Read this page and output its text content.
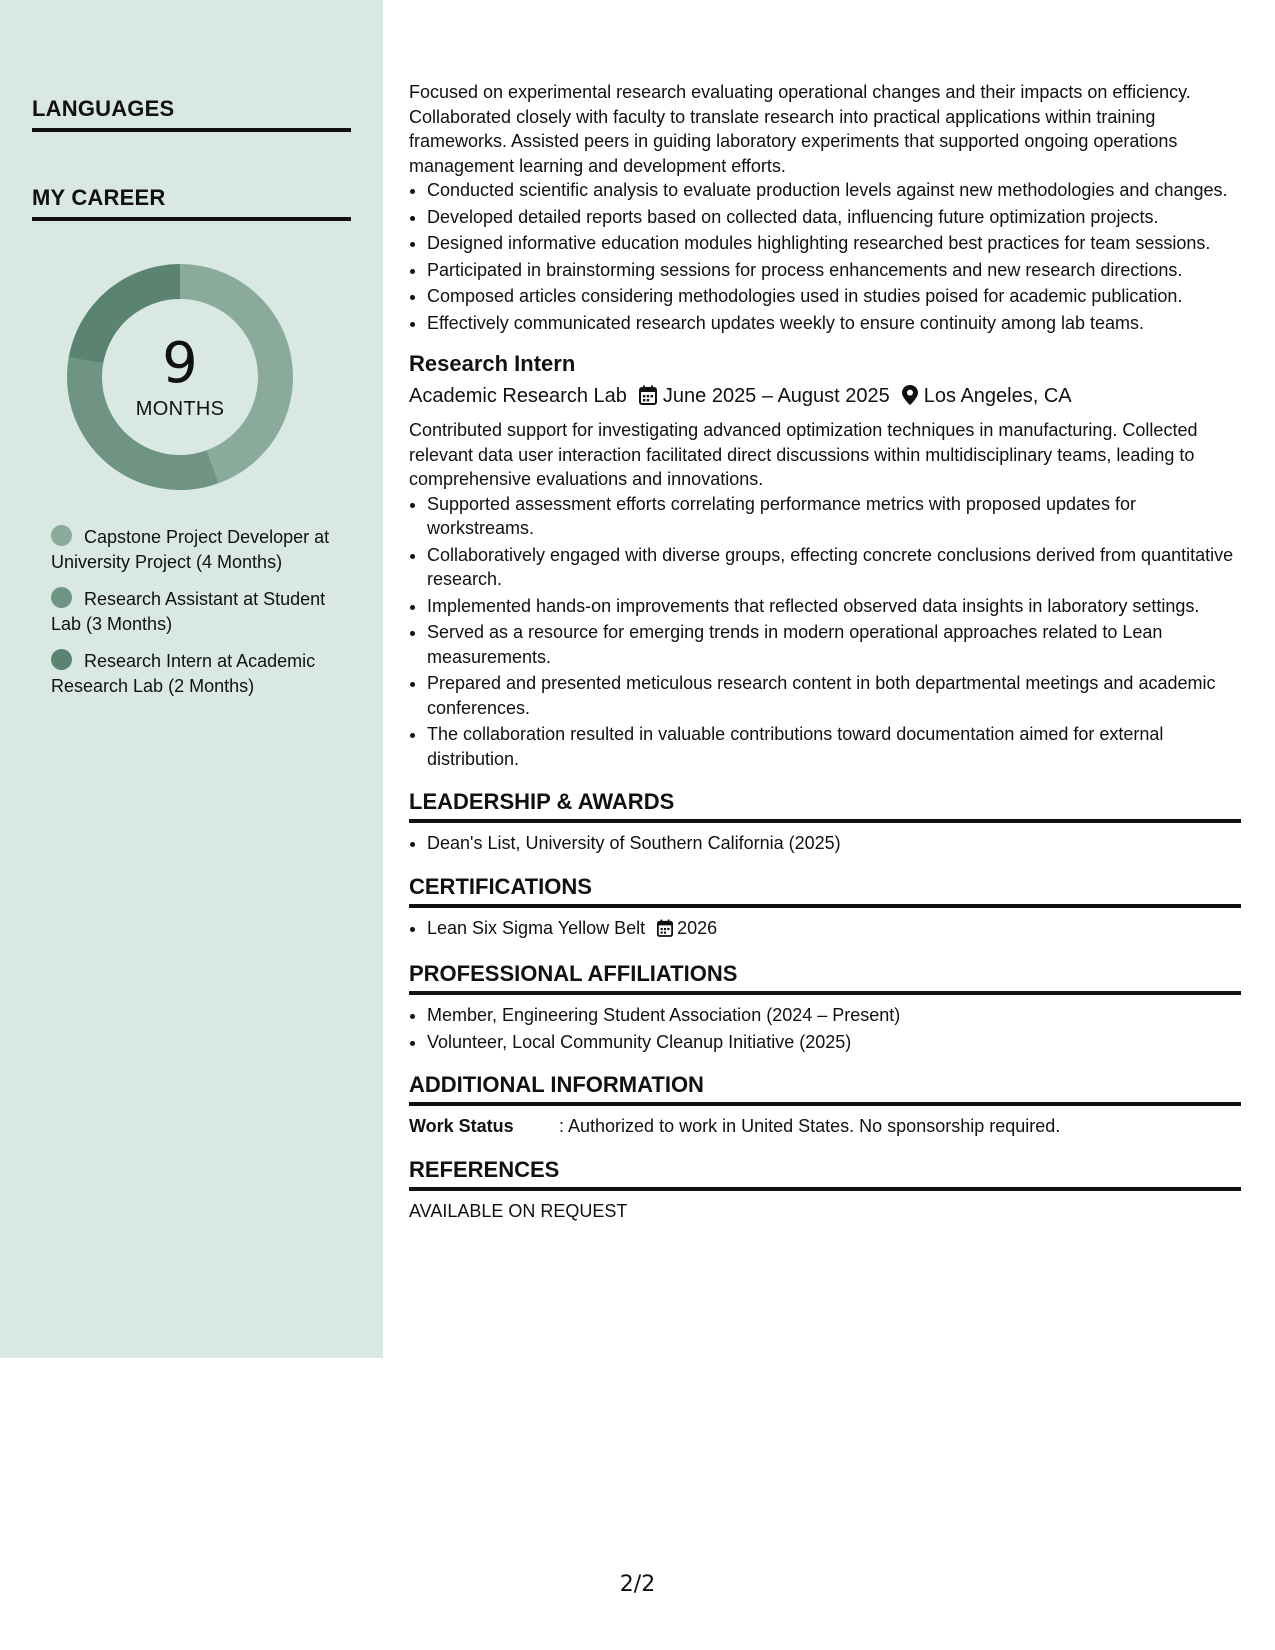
LANGUAGES
MY CAREER
9
MONTHS
Capstone Project Developer at University Project (4 Months)
Research Assistant at Student Lab (3 Months)
Research Intern at Academic Research Lab (2 Months)

Focused on experimental research evaluating operational changes and their impacts on efficiency. Collaborated closely with faculty to translate research into practical applications within training frameworks. Assisted peers in guiding laboratory experiments that supported ongoing operations management learning and development efforts.

• Conducted scientific analysis to evaluate production levels against new methodologies and changes.
• Developed detailed reports based on collected data, influencing future optimization projects.
• Designed informative education modules highlighting researched best practices for team sessions.
• Participated in brainstorming sessions for process enhancements and new research directions.
• Composed articles considering methodologies used in studies poised for academic publication.
• Effectively communicated research updates weekly to ensure continuity among lab teams.
Research Intern
Academic Research Lab June 2025 – August 2025 Los Angeles, CA

Contributed support for investigating advanced optimization techniques in manufacturing. Collected relevant data user interaction facilitated direct discussions within multidisciplinary teams, leading to comprehensive evaluations and innovations.

• Supported assessment efforts correlating performance metrics with proposed updates for workstreams.
• Collaboratively engaged with diverse groups, effecting concrete conclusions derived from quantitative research.
• Implemented hands-on improvements that reflected observed data insights in laboratory settings.
• Served as a resource for emerging trends in modern operational approaches related to Lean measurements.
• Prepared and presented meticulous research content in both departmental meetings and academic conferences.
• The collaboration resulted in valuable contributions toward documentation aimed for external distribution.
LEADERSHIP & AWARDS
• Dean's List, University of Southern California (2025)
CERTIFICATIONS
• Lean Six Sigma Yellow Belt 2026
PROFESSIONAL AFFILIATIONS
• Member, Engineering Student Association (2024 – Present)
• Volunteer, Local Community Cleanup Initiative (2025)
ADDITIONAL INFORMATION
Work Status	: Authorized to work in United States. No sponsorship required.
REFERENCES
AVAILABLE ON REQUEST
2/2
